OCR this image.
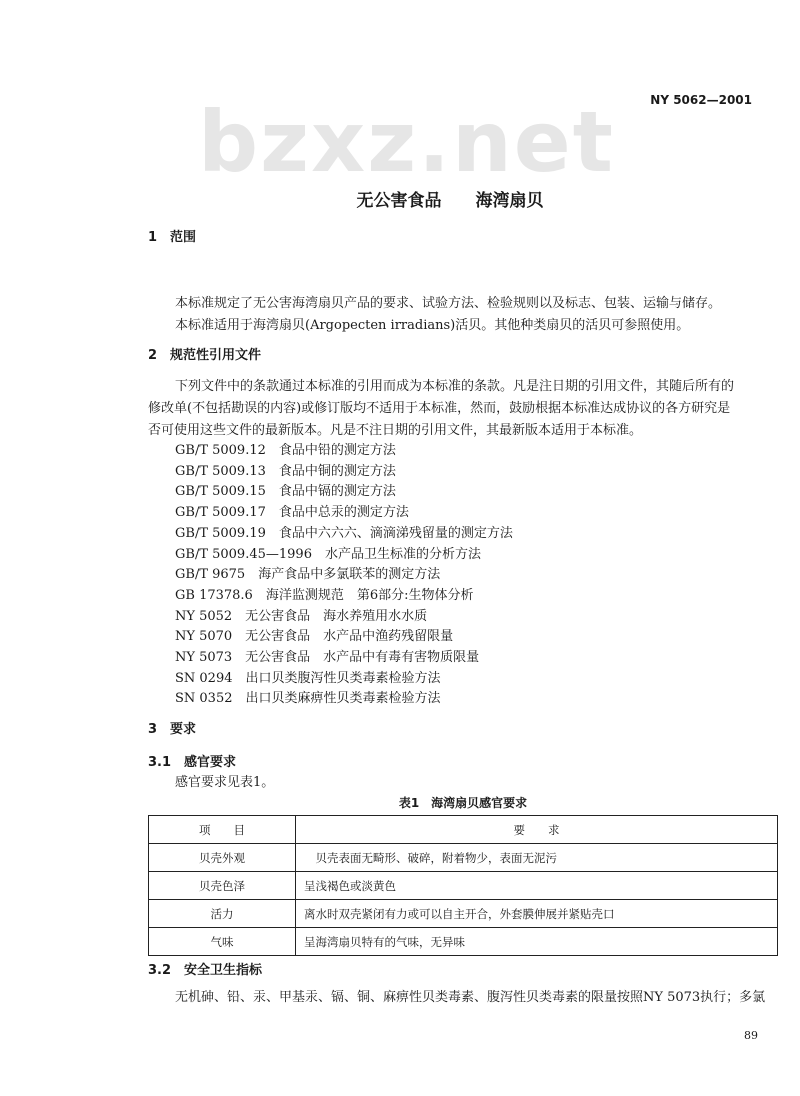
bzxz.net	NY 5062—2001
无公害食品　　海湾扇贝
1　范围
本标准规定了无公害海湾扇贝产品的要求、试验方法、检验规则以及标志、包装、运输与储存。
本标准适用于海湾扇贝(Argopecten irradians)活贝。其他种类扇贝的活贝可参照使用。
2　规范性引用文件
下列文件中的条款通过本标准的引用而成为本标准的条款。凡是注日期的引用文件，其随后所有的
修改单(不包括勘误的内容)或修订版均不适用于本标准，然而，鼓励根据本标准达成协议的各方研究是
否可使用这些文件的最新版本。凡是不注日期的引用文件，其最新版本适用于本标准。
GB/T 5009.12　食品中铅的测定方法
GB/T 5009.13　食品中铜的测定方法
GB/T 5009.15　食品中镉的测定方法
GB/T 5009.17　食品中总汞的测定方法
GB/T 5009.19　食品中六六六、滴滴涕残留量的测定方法
GB/T 5009.45—1996　水产品卫生标准的分析方法
GB/T 9675　海产食品中多氯联苯的测定方法
GB 17378.6　海洋监测规范　第6部分:生物体分析
NY 5052　无公害食品　海水养殖用水水质
NY 5070　无公害食品　水产品中渔药残留限量
NY 5073　无公害食品　水产品中有毒有害物质限量
SN 0294　出口贝类腹泻性贝类毒素检验方法
SN 0352　出口贝类麻痹性贝类毒素检验方法
3　要求
3.1　感官要求
感官要求见表1。
表1　海湾扇贝感官要求
项　　目	要　　求
贝壳外观	　贝壳表面无畸形、破碎，附着物少，表面无泥污
贝壳色泽	呈浅褐色或淡黄色
活力	离水时双壳紧闭有力或可以自主开合，外套膜伸展并紧贴壳口
气味	呈海湾扇贝特有的气味，无异味
3.2　安全卫生指标
无机砷、铅、汞、甲基汞、镉、铜、麻痹性贝类毒素、腹泻性贝类毒素的限量按照NY 5073执行；多氯
89
